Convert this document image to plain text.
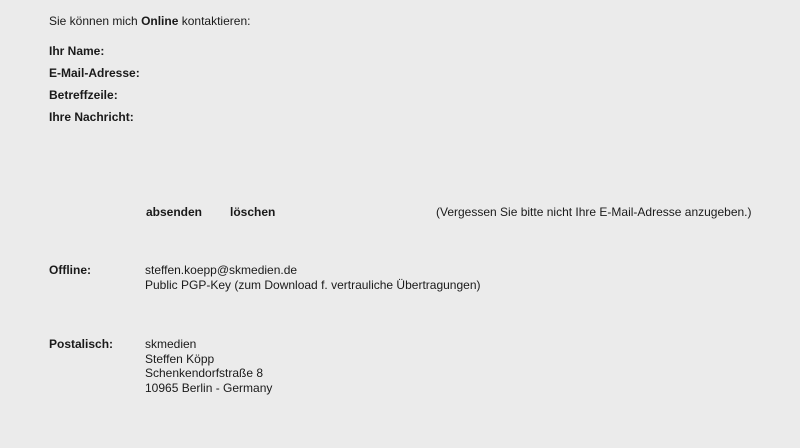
Sie können mich Online kontaktieren:
Ihr Name:
E-Mail-Adresse:
Betreffzeile:
Ihre Nachricht:
absenden löschen	(Vergessen Sie bitte nicht Ihre E-Mail-Adresse anzugeben.)
Offline:	steffen.koepp@skmedien.de
Public PGP-Key (zum Download f. vertrauliche Übertragungen)
Postalisch:	skmedien
Steffen Köpp
Schenkendorfstraße 8
10965 Berlin - Germany
